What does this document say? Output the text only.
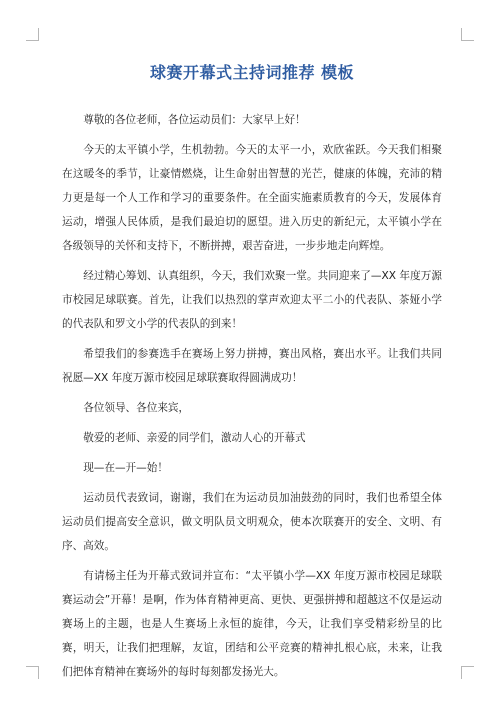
球赛开幕式主持词推荐 模板

尊敬的各位老师，各位运动员们：大家早上好！

今天的太平镇小学，生机勃勃。今天的太平一小，欢欣雀跃。今天我们相聚在这暖冬的季节，让豪情燃烧，让生命射出智慧的光芒，健康的体魄，充沛的精力更是每一个人工作和学习的重要条件。在全面实施素质教育的今天，发展体育运动，增强人民体质，是我们最迫切的愿望。进入历史的新纪元，太平镇小学在各级领导的关怀和支持下，不断拼搏，艰苦奋进，一步步地走向辉煌。

经过精心筹划、认真组织，今天，我们欢聚一堂。共同迎来了—XX 年度万源市校园足球联赛。首先，让我们以热烈的掌声欢迎太平二小的代表队、茶娅小学的代表队和罗文小学的代表队的到来！

希望我们的参赛选手在赛场上努力拼搏，赛出风格，赛出水平。让我们共同祝愿—XX 年度万源市校园足球联赛取得圆满成功！

各位领导、各位来宾，

敬爱的老师、亲爱的同学们，激动人心的开幕式

现—在—开—始！

运动员代表致词，谢谢，我们在为运动员加油鼓劲的同时，我们也希望全体运动员们提高安全意识，做文明队员文明观众，使本次联赛开的安全、文明、有序、高效。

有请杨主任为开幕式致词并宣布：“太平镇小学—XX 年度万源市校园足球联赛运动会”开幕！是啊，作为体育精神更高、更快、更强拼搏和超越这不仅是运动赛场上的主题，也是人生赛场上永恒的旋律，今天，让我们享受精彩纷呈的比赛，明天，让我们把理解，友谊，团结和公平竞赛的精神扎根心底，未来，让我们把体育精神在赛场外的每时每刻都发扬光大。
